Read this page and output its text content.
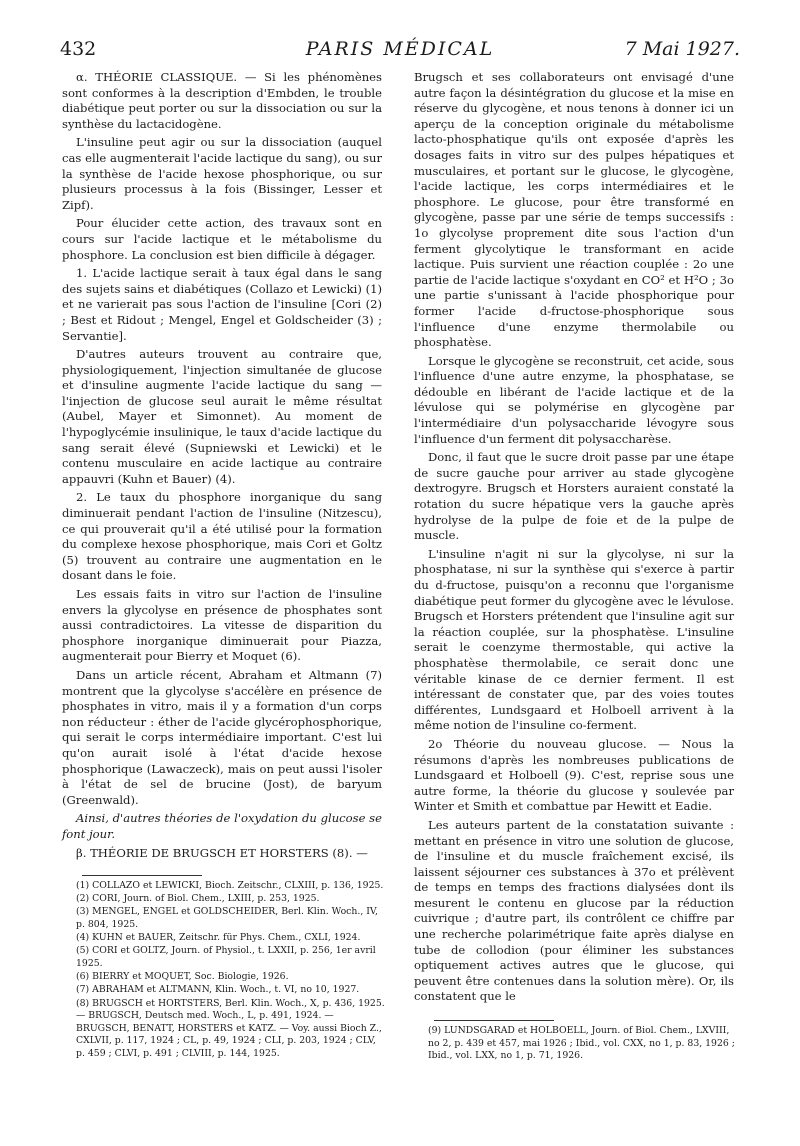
432	PARIS MÉDICAL	7 Mai 1927.

α. THÉORIE CLASSIQUE. — Si les phénomènes sont conformes à la description d'Embden, le trouble diabétique peut porter ou sur la dissociation ou sur la synthèse du lactacidogène.

L'insuline peut agir ou sur la dissociation (auquel cas elle augmenterait l'acide lactique du sang), ou sur la synthèse de l'acide hexose phosphorique, ou sur plusieurs processus à la fois (Bissinger, Lesser et Zipf).

Pour élucider cette action, des travaux sont en cours sur l'acide lactique et le métabolisme du phosphore. La conclusion est bien difficile à dégager.

1. L'acide lactique serait à taux égal dans le sang des sujets sains et diabétiques (Collazo et Lewicki) (1) et ne varierait pas sous l'action de l'insuline [Cori (2) ; Best et Ridout ; Mengel, Engel et Goldscheider (3) ; Servantie].

D'autres auteurs trouvent au contraire que, physiologiquement, l'injection simultanée de glucose et d'insuline augmente l'acide lactique du sang — l'injection de glucose seul aurait le même résultat (Aubel, Mayer et Simonnet). Au moment de l'hypoglycémie insulinique, le taux d'acide lactique du sang serait élevé (Supniewski et Lewicki) et le contenu musculaire en acide lactique au contraire appauvri (Kuhn et Bauer) (4).

2. Le taux du phosphore inorganique du sang diminuerait pendant l'action de l'insuline (Nitzescu), ce qui prouverait qu'il a été utilisé pour la formation du complexe hexose phosphorique, mais Cori et Goltz (5) trouvent au contraire une augmentation en le dosant dans le foie.

Les essais faits in vitro sur l'action de l'insuline envers la glycolyse en présence de phosphates sont aussi contradictoires. La vitesse de disparition du phosphore inorganique diminuerait pour Piazza, augmenterait pour Bierry et Moquet (6).

Dans un article récent, Abraham et Altmann (7) montrent que la glycolyse s'accélère en présence de phosphates in vitro, mais il y a formation d'un corps non réducteur : éther de l'acide glycérophosphorique, qui serait le corps intermédiaire important. C'est lui qu'on aurait isolé à l'état d'acide hexose phosphorique (Lawaczeck), mais on peut aussi l'isoler à l'état de sel de brucine (Jost), de baryum (Greenwald).

Ainsi, d'autres théories de l'oxydation du glucose se font jour.

β. THÉORIE DE BRUGSCH ET HORSTERS (8). —

(1) COLLAZO et LEWICKI, Bioch. Zeitschr., CLXIII, p. 136, 1925.

(2) CORI, Journ. of Biol. Chem., LXIII, p. 253, 1925.

(3) MENGEL, ENGEL et GOLDSCHEIDER, Berl. Klin. Woch., IV, p. 804, 1925.

(4) KUHN et BAUER, Zeitschr. für Phys. Chem., CXLI, 1924.

(5) CORI et GOLTZ, Journ. of Physiol., t. LXXII, p. 256, 1er avril 1925.

(6) BIERRY et MOQUET, Soc. Biologie, 1926.

(7) ABRAHAM et ALTMANN, Klin. Woch., t. VI, no 10, 1927.

(8) BRUGSCH et HORTSTERS, Berl. Klin. Woch., X, p. 436, 1925. — BRUGSCH, Deutsch med. Woch., L, p. 491, 1924. — BRUGSCH, BENATT, HORSTERS et KATZ. — Voy. aussi Bioch Z., CXLVII, p. 117, 1924 ; CL, p. 49, 1924 ; CLI, p. 203, 1924 ; CLV, p. 459 ; CLVI, p. 491 ; CLVIII, p. 144, 1925.

Brugsch et ses collaborateurs ont envisagé d'une autre façon la désintégration du glucose et la mise en réserve du glycogène, et nous tenons à donner ici un aperçu de la conception originale du métabolisme lacto-phosphatique qu'ils ont exposée d'après les dosages faits in vitro sur des pulpes hépatiques et musculaires, et portant sur le glucose, le glycogène, l'acide lactique, les corps intermédiaires et le phosphore. Le glucose, pour être transformé en glycogène, passe par une série de temps successifs : 1o glycolyse proprement dite sous l'action d'un ferment glycolytique le transformant en acide lactique. Puis survient une réaction couplée : 2o une partie de l'acide lactique s'oxydant en CO² et H²O ; 3o une partie s'unissant à l'acide phosphorique pour former l'acide d-fructose-phosphorique sous l'influence d'une enzyme thermolabile ou phosphatèse.

Lorsque le glycogène se reconstruit, cet acide, sous l'influence d'une autre enzyme, la phosphatase, se dédouble en libérant de l'acide lactique et de la lévulose qui se polymérise en glycogène par l'intermédiaire d'un polysaccharide lévogyre sous l'influence d'un ferment dit polysaccharèse.

Donc, il faut que le sucre droit passe par une étape de sucre gauche pour arriver au stade glycogène dextrogyre. Brugsch et Horsters auraient constaté la rotation du sucre hépatique vers la gauche après hydrolyse de la pulpe de foie et de la pulpe de muscle.

L'insuline n'agit ni sur la glycolyse, ni sur la phosphatase, ni sur la synthèse qui s'exerce à partir du d-fructose, puisqu'on a reconnu que l'organisme diabétique peut former du glycogène avec le lévulose. Brugsch et Horsters prétendent que l'insuline agit sur la réaction couplée, sur la phosphatèse. L'insuline serait le coenzyme thermostable, qui active la phosphatèse thermolabile, ce serait donc une véritable kinase de ce dernier ferment. Il est intéressant de constater que, par des voies toutes différentes, Lundsgaard et Holboell arrivent à la même notion de l'insuline co-ferment.

2o Théorie du nouveau glucose. — Nous la résumons d'après les nombreuses publications de Lundsgaard et Holboell (9). C'est, reprise sous une autre forme, la théorie du glucose γ soulevée par Winter et Smith et combattue par Hewitt et Eadie.

Les auteurs partent de la constatation suivante : mettant en présence in vitro une solution de glucose, de l'insuline et du muscle fraîchement excisé, ils laissent séjourner ces substances à 37o et prélèvent de temps en temps des fractions dialysées dont ils mesurent le contenu en glucose par la réduction cuivrique ; d'autre part, ils contrôlent ce chiffre par une recherche polarimétrique faite après dialyse en tube de collodion (pour éliminer les substances optiquement actives autres que le glucose, qui peuvent être contenues dans la solution mère). Or, ils constatent que le

(9) LUNDSGARAD et HOLBOELL, Journ. of Biol. Chem., LXVIII, no 2, p. 439 et 457, mai 1926 ; Ibid., vol. CXX, no 1, p. 83, 1926 ; Ibid., vol. LXX, no 1, p. 71, 1926.
